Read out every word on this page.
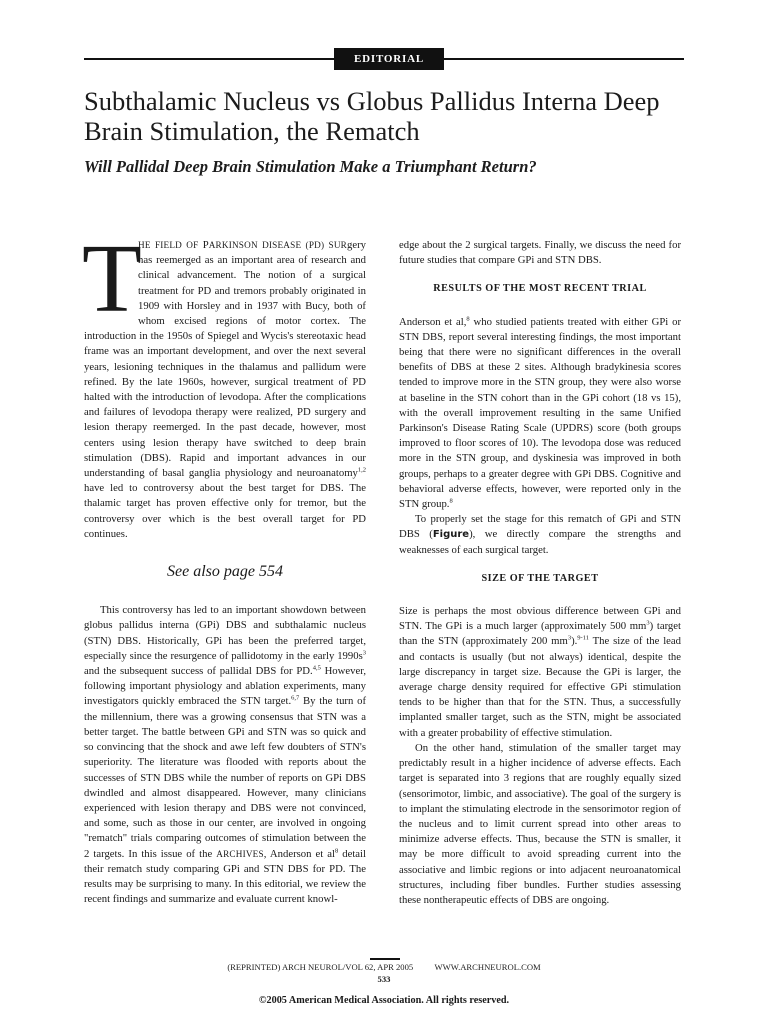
EDITORIAL
Subthalamic Nucleus vs Globus Pallidus Interna Deep Brain Stimulation, the Rematch
Will Pallidal Deep Brain Stimulation Make a Triumphant Return?

T
HE FIELD OF PARKINSON DISEASE (PD) SURgery has reemerged as an important area of research and clinical advancement. The notion of a surgical treatment for PD and tremors probably originated in 1909 with Horsley and in 1937 with Bucy, both of whom excised regions of motor cortex. The introduction in the 1950s of Spiegel and Wycis's stereotaxic head frame was an important development, and over the next several years, lesioning techniques in the thalamus and pallidum were refined. By the late 1960s, however, surgical treatment of PD halted with the introduction of levodopa. After the complications and failures of levodopa therapy were realized, PD surgery and lesion therapy reemerged. In the past decade, however, most centers using lesion therapy have switched to deep brain stimulation (DBS). Rapid and important advances in our understanding of basal ganglia physiology and neuroanatomy$^{1,2}$ have led to controversy about the best target for DBS. The thalamic target has proven effective only for tremor, but the controversy over which is the best overall target for PD continues.

See also page 554

This controversy has led to an important showdown between globus pallidus interna (GPi) DBS and subthalamic nucleus (STN) DBS. Historically, GPi has been the preferred target, especially since the resurgence of pallidotomy in the early $1990s^3$ and the subsequent success of pallidal DBS for PD.$^{4,5}$ However, following important physiology and ablation experiments, many investigators quickly embraced the STN target.$^{6,7}$ By the turn of the millennium, there was a growing consensus that STN was a better target. The battle between GPi and STN was so quick and so convincing that the shock and awe left few doubters of STN's superiority. The literature was flooded with reports about the successes of STN DBS while the number of reports on GPi DBS dwindled and almost disappeared. However, many clinicians experienced with lesion therapy and DBS were not convinced, and some, such as those in our center, are involved in ongoing "rematch" trials comparing outcomes of stimulation between the 2 targets. In this issue of the ARCHIVES, Anderson et $al^8$ detail their rematch study comparing GPi and STN DBS for PD. The results may be surprising to many. In this editorial, we review the recent findings and summarize and evaluate current knowl-

edge about the 2 surgical targets. Finally, we discuss the need for future studies that compare GPi and STN DBS.

RESULTS OF THE MOST RECENT TRIAL

Anderson et al,$^8$ who studied patients treated with either GPi or STN DBS, report several interesting findings, the most important being that there were no significant differences in the overall benefits of DBS at these 2 sites. Although bradykinesia scores tended to improve more in the STN group, they were also worse at baseline in the STN cohort than in the GPi cohort (18 vs 15), with the overall improvement resulting in the same Unified Parkinson's Disease Rating Scale (UPDRS) score (both groups improved to floor scores of 10). The levodopa dose was reduced more in the STN group, and dyskinesia was improved in both groups, perhaps to a greater degree with GPi DBS. Cognitive and behavioral adverse effects, however, were reported only in the STN group.$^8$

To properly set the stage for this rematch of GPi and STN DBS (Figure), we directly compare the strengths and weaknesses of each surgical target.

SIZE OF THE TARGET

Size is perhaps the most obvious difference between GPi and STN. The GPi is a much larger (approximately 500 $mm^3$) target than the STN (approximately 200 $mm^3).^{9-11}$ The size of the lead and contacts is usually (but not always) identical, despite the large discrepancy in target size. Because the GPi is larger, the average charge density required for effective GPi stimulation tends to be higher than that for the STN. Thus, a successfully implanted smaller target, such as the STN, might be associated with a greater probability of effective stimulation.

On the other hand, stimulation of the smaller target may predictably result in a higher incidence of adverse effects. Each target is separated into 3 regions that are roughly equally sized (sensorimotor, limbic, and associative). The goal of the surgery is to implant the stimulating electrode in the sensorimotor region of the nucleus and to limit current spread into other areas to minimize adverse effects. Thus, because the STN is smaller, it may be more difficult to avoid spreading current into the associative and limbic regions or into adjacent neuroanatomical structures, including fiber bundles. Further studies assessing these nontherapeutic effects of DBS are ongoing.

(REPRINTED) ARCH NEUROL/VOL 62, APR 2005          WWW.ARCHNEUROL.COM
533
©2005 American Medical Association. All rights reserved.
